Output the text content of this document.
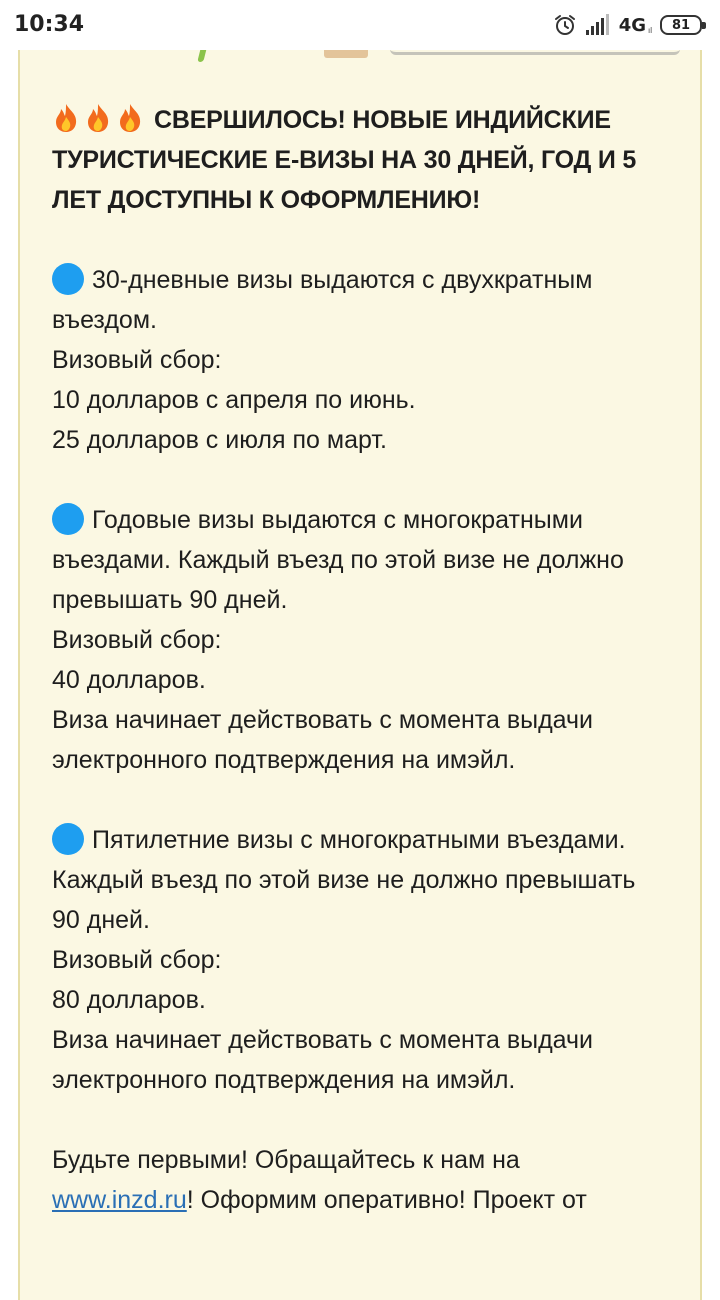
10:34	4G ıl 81
СВЕРШИЛОСЬ! НОВЫЕ ИНДИЙСКИЕ ТУРИСТИЧЕСКИЕ Е-ВИЗЫ НА 30 ДНЕЙ, ГОД И 5 ЛЕТ ДОСТУПНЫ К ОФОРМЛЕНИЮ!
30-дневные визы выдаются с двухкратным въездом.
Визовый сбор:
10 долларов с апреля по июнь.
25 долларов с июля по март.
Годовые визы выдаются с многократными въездами. Каждый въезд по этой визе не должно превышать 90 дней.
Визовый сбор:
40 долларов.
Виза начинает действовать с момента выдачи электронного подтверждения на имэйл.
Пятилетние визы с многократными въездами. Каждый въезд по этой визе не должно превышать 90 дней.
Визовый сбор:
80 долларов.
Виза начинает действовать с момента выдачи электронного подтверждения на имэйл.
Будьте первыми! Обращайтесь к нам на www.inzd.ru! Оформим оперативно! Проект от
